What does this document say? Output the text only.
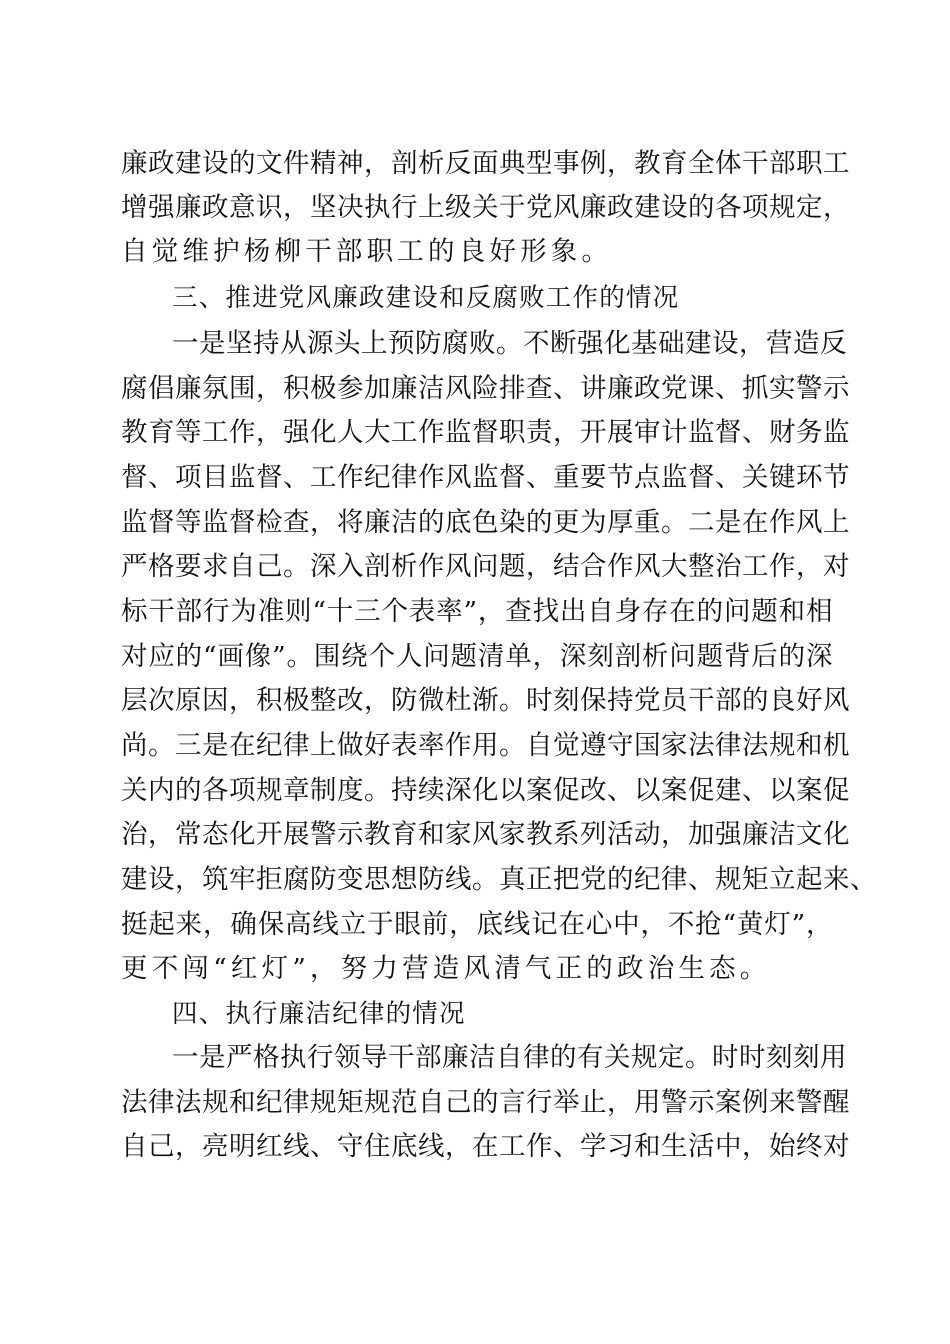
廉政建设的文件精神，剖析反面典型事例，教育全体干部职工
增强廉政意识，坚决执行上级关于党风廉政建设的各项规定，
自觉维护杨柳干部职工的良好形象。
三、推进党风廉政建设和反腐败工作的情况
一是坚持从源头上预防腐败。不断强化基础建设，营造反
腐倡廉氛围，积极参加廉洁风险排查、讲廉政党课、抓实警示
教育等工作，强化人大工作监督职责，开展审计监督、财务监
督、项目监督、工作纪律作风监督、重要节点监督、关键环节
监督等监督检查，将廉洁的底色染的更为厚重。二是在作风上
严格要求自己。深入剖析作风问题，结合作风大整治工作，对
标干部行为准则“十三个表率”，查找出自身存在的问题和相
对应的“画像”。围绕个人问题清单，深刻剖析问题背后的深
层次原因，积极整改，防微杜渐。时刻保持党员干部的良好风
尚。三是在纪律上做好表率作用。自觉遵守国家法律法规和机
关内的各项规章制度。持续深化以案促改、以案促建、以案促
治，常态化开展警示教育和家风家教系列活动，加强廉洁文化
建设，筑牢拒腐防变思想防线。真正把党的纪律、规矩立起来、
挺起来，确保高线立于眼前，底线记在心中，不抢“黄灯”，
更不闯“红灯”，努力营造风清气正的政治生态。
四、执行廉洁纪律的情况
一是严格执行领导干部廉洁自律的有关规定。时时刻刻用
法律法规和纪律规矩规范自己的言行举止，用警示案例来警醒
自己，亮明红线、守住底线，在工作、学习和生活中，始终对
